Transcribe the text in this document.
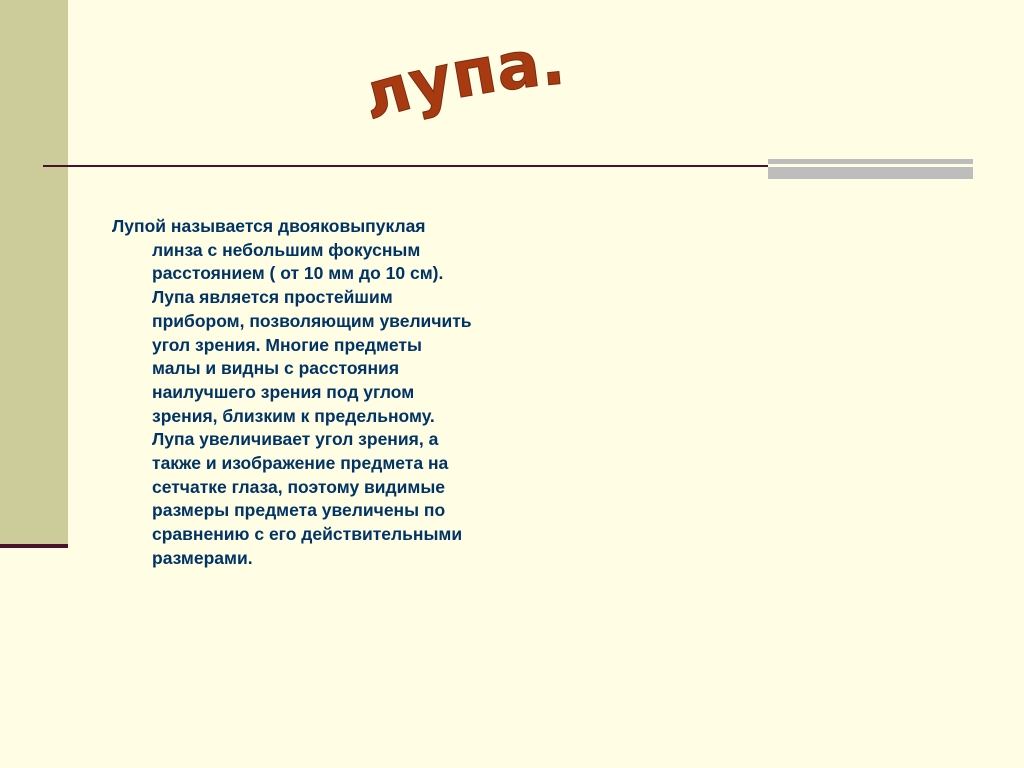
лупа.

Лупой называется двояковыпуклая
линза с небольшим фокусным
расстоянием ( от 10 мм до 10 см).
Лупа является простейшим
прибором, позволяющим увеличить
угол зрения. Многие предметы
малы и видны с расстояния
наилучшего зрения под углом
зрения, близким к предельному.
Лупа увеличивает угол зрения, а
также и изображение предмета на
сетчатке глаза, поэтому видимые
размеры предмета увеличены по
сравнению с его действительными
размерами.
